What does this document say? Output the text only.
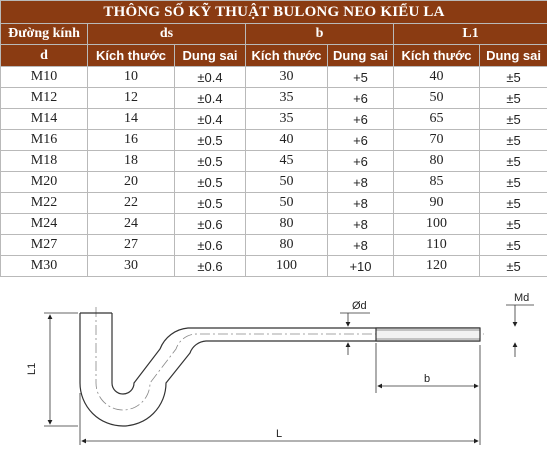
THÔNG SỐ KỸ THUẬT BULONG NEO KIỂU LA						
Đường kính	ds		b		L1	
d	Kích thước	Dung sai	Kích thước	Dung sai	Kích thước	Dung sai
M10	10	±0.4	30	+5	40	±5
M12	12	±0.4	35	+6	50	±5
M14	14	±0.4	35	+6	65	±5
M16	16	±0.5	40	+6	70	±5
M18	18	±0.5	45	+6	80	±5
M20	20	±0.5	50	+8	85	±5
M22	22	±0.5	50	+8	90	±5
M24	24	±0.6	80	+8	100	±5
M27	27	±0.6	80	+8	110	±5
M30	30	±0.6	100	+10	120	±5
Ød
Md
L1
b
L
